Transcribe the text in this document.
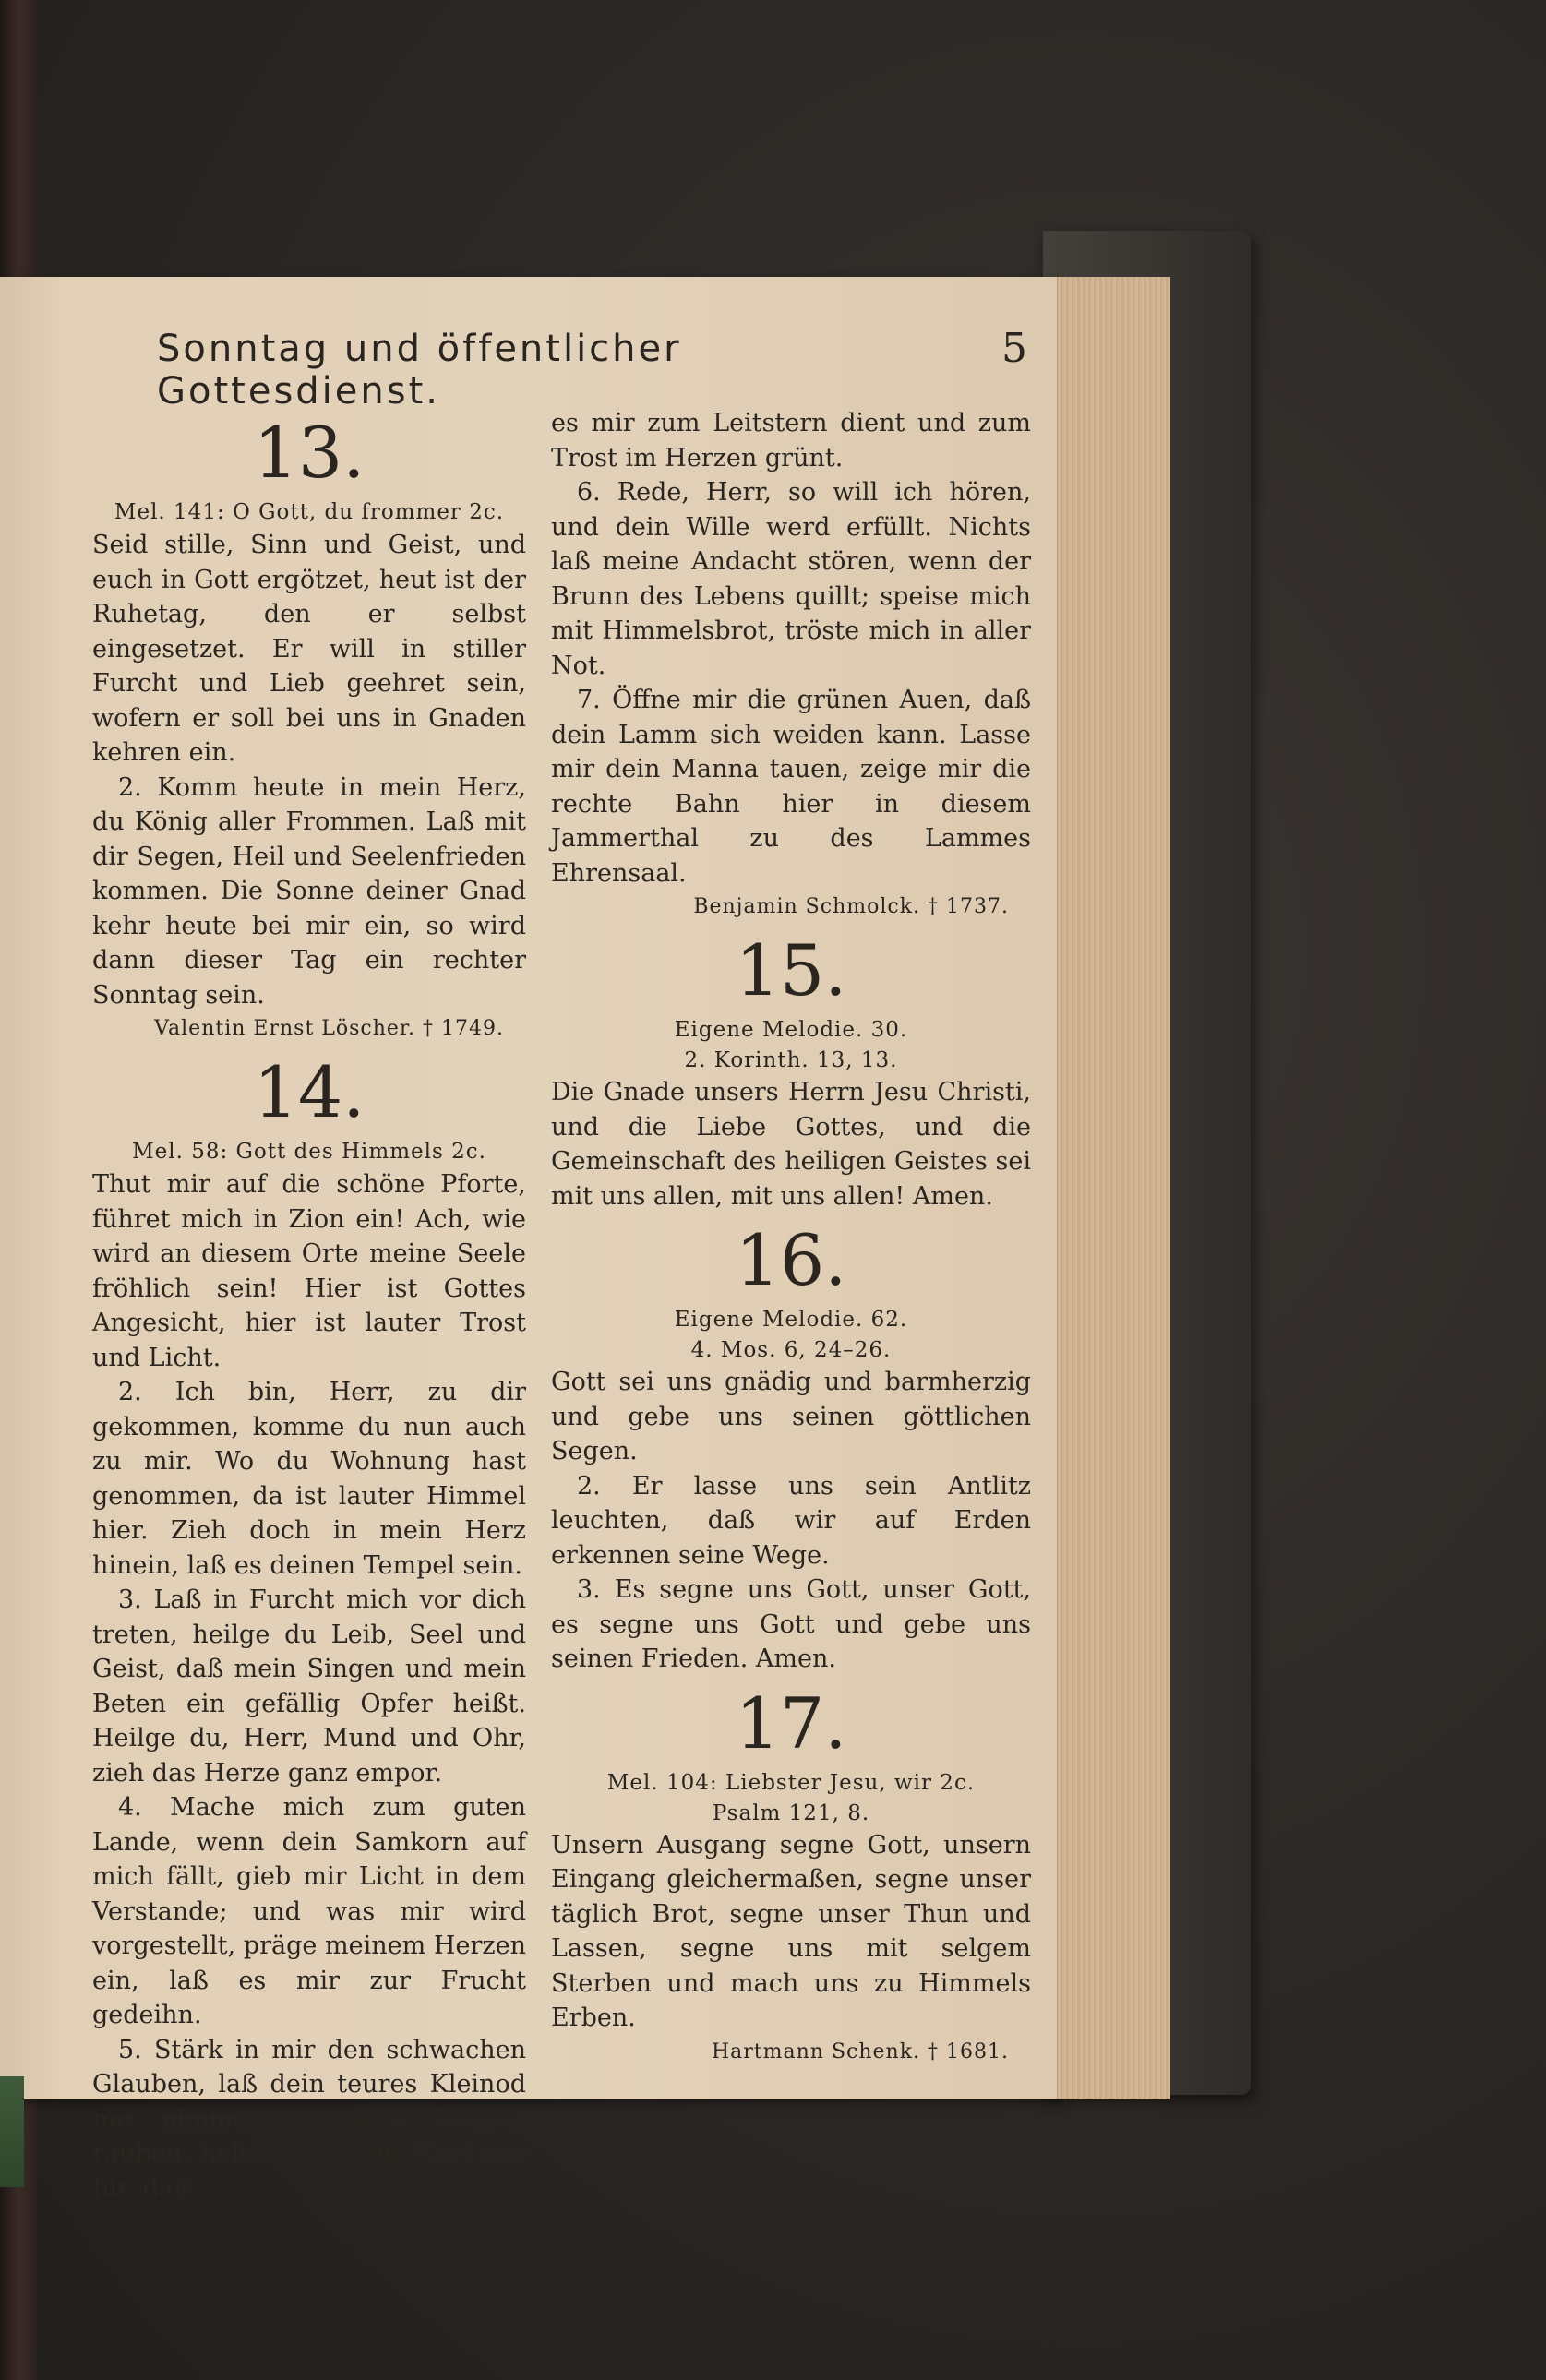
Sonntag und öffentlicher Gottesdienst.
5
13.
Mel. 141: O Gott, du frommer 2c.

Seid stille, Sinn und Geist, und euch in Gott ergötzet, heut ist der Ruhetag, den er selbst eingesetzet. Er will in stiller Furcht und Lieb geehret sein, wofern er soll bei uns in Gnaden kehren ein.

2. Komm heute in mein Herz, du König aller Frommen. Laß mit dir Segen, Heil und Seelenfrieden kommen. Die Sonne deiner Gnad kehr heute bei mir ein, so wird dann dieser Tag ein rechter Sonntag sein.

Valentin Ernst Löscher. † 1749.
14.
Mel. 58: Gott des Himmels 2c.

Thut mir auf die schöne Pforte, führet mich in Zion ein! Ach, wie wird an diesem Orte meine Seele fröhlich sein! Hier ist Gottes Angesicht, hier ist lauter Trost und Licht.

2. Ich bin, Herr, zu dir gekommen, komme du nun auch zu mir. Wo du Wohnung hast genommen, da ist lauter Himmel hier. Zieh doch in mein Herz hinein, laß es deinen Tempel sein.

3. Laß in Furcht mich vor dich treten, heilge du Leib, Seel und Geist, daß mein Singen und mein Beten ein gefällig Opfer heißt. Heilge du, Herr, Mund und Ohr, zieh das Herze ganz empor.

4. Mache mich zum guten Lande, wenn dein Samkorn auf mich fällt, gieb mir Licht in dem Verstande; und was mir wird vorgestellt, präge meinem Herzen ein, laß es mir zur Frucht gedeihn.

5. Stärk in mir den schwachen Glauben, laß dein teures Kleinod mir nimmer aus dem Herzen rauben, halte stets dein Wort mir für, daß

es mir zum Leitstern dient und zum Trost im Herzen grünt.

6. Rede, Herr, so will ich hören, und dein Wille werd erfüllt. Nichts laß meine Andacht stören, wenn der Brunn des Lebens quillt; speise mich mit Himmelsbrot, tröste mich in aller Not.

7. Öffne mir die grünen Auen, daß dein Lamm sich weiden kann. Lasse mir dein Manna tauen, zeige mir die rechte Bahn hier in diesem Jammerthal zu des Lammes Ehrensaal.

Benjamin Schmolck. † 1737.
15.
Eigene Melodie. 30.
2. Korinth. 13, 13.

Die Gnade unsers Herrn Jesu Christi, und die Liebe Gottes, und die Gemeinschaft des heiligen Geistes sei mit uns allen, mit uns allen! Amen.

16.
Eigene Melodie. 62.
4. Mos. 6, 24–26.

Gott sei uns gnädig und barmherzig und gebe uns seinen göttlichen Segen.

2. Er lasse uns sein Antlitz leuchten, daß wir auf Erden erkennen seine Wege.

3. Es segne uns Gott, unser Gott, es segne uns Gott und gebe uns seinen Frieden. Amen.

17.
Mel. 104: Liebster Jesu, wir 2c.
Psalm 121, 8.

Unsern Ausgang segne Gott, unsern Eingang gleichermaßen, segne unser täglich Brot, segne unser Thun und Lassen, segne uns mit selgem Sterben und mach uns zu Himmels Erben.

Hartmann Schenk. † 1681.
